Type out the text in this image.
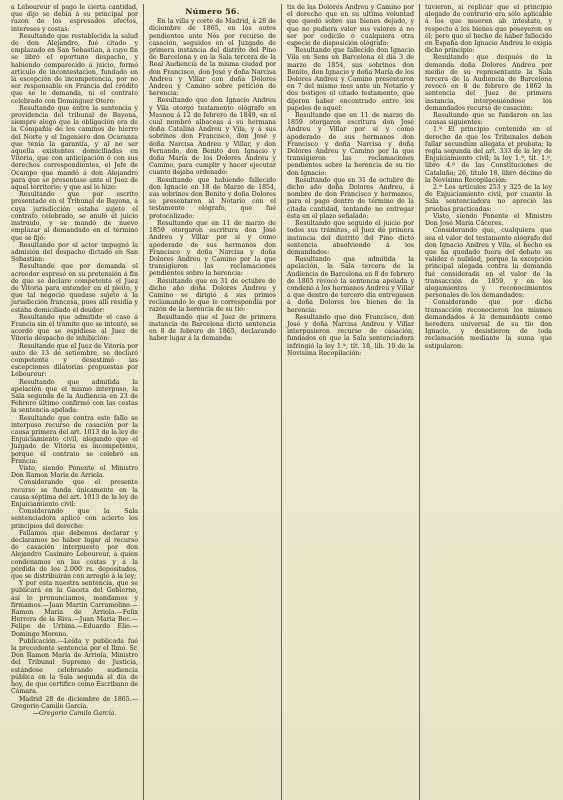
a Leboureur el pago le cierta cantidad, que dijo se debía á su principal por razon de los espresados efectos, intereses y costas:

Resultando que restablecida la salud de don Alejandro, fué citado y emplazado en San Sebastian, á cuyo fin se libró el oportuno despacho, y habiendo comparecido á juicio, formó artículo de incontestacion, fundado en la escepción de incompetencia, por no ser responsable en Francia del crédito que se le demanda, ni el contrato celebrado con Dominguez Otero:

Resultando que entre la sentencia y providencia del tribunal de Bayona, siempre alegó que la obligación era de la Compañía de los caminos de hierro del Norte y el Ingeniero don Ocaranza que tenía la garantía, y al no ser aquella existentes domiciliadas en Vitoria, que con anticipación ó con sus derechos correspondientes, el Jefe de Ocampo que mandó á don Alejandro para que se presentase ante el Juez de aquel territorio; y que así lo hizo:

Resultando que por escrito presentado en el Tribunal de Bayona, á cuya jurisdicción estaba sujeto el contrato celebrado, se anuló el juicio instruido, y se mandó de nuevo emplazar al demandado en el término que se fijó:

Resultando por el actor impugnó la admisión del despacho dictado en San Sebastian:

Resultando que por demanda el acreedor espresó en su pretensión á fin de que se declare competente el Juez de Vitoria para entender en el pleito, y que tal negocio quedase sujeto á la jurisdicción francesa, pues allí residía y estaba domiciliado el deudor:

Resultando que admitido el caso á Francia sin el trámite que se intentó, se acordó que se espidiese al Juez de Vitoria despacho de inhibición:

Resultando que el Juez de Vitoria por auto de 13 de setiembre, se declaró competente y desestimó las escepciones dilatorias propuestas por Leboureur:

Resultando que admitida la apelación que el mismo interpuso, la Sala segunda de la Audiencia en 23 de Febrero último confirmó con las costas la sentencia apelada:

Resultando que contra este fallo se interpuso recurso de casación por la causa primera del art. 1013 de la ley de Enjuiciamiento civil, alegando que el Juzgado de Vitoria es incompetente, porque el contrato se celebró en Francia:

Visto, siendo Ponente el Ministro Don Ramon Maria de Arriola.

Considerando que el presente recurso se funda únicamente en la causa séptima del art. 1013 de la ley de Enjuiciamiento civil:

Considerando que la Sala sentenciadora aplicó con acierto los principios del derecho:

Fallamos que debemos declarar y declaramos no haber lugar al recurso de casación interpuesto por don Alejandro Casimiro Leboureur, á quien condenamos en las costas y á la pérdida de los 2.000 rs. depositados, que se distribuirán con arreglo á la ley;

Y por esta nuestra sentencia, que se publicará en la Gaceta del Gobierno, así lo pronunciamos, mandamos y firmamos.—Juan Martin Carramolino.—Ramon Maria de Arriola.—Felix Herrera de la Riva.—Juan Maria Bec.—Felipe de Urbina.—Eduardo Elio.—Domingo Moreno.

Publicación.—Leída y publicada fué la precedente sentencia por el Ilmo. Sr. Don Ramon María de Arriola, Ministro del Tribunal Supremo de Justicia, estándose celebrando audiencia pública en la Sala segunda el día de hoy, de que certifico como Escribano de Cámara.

Madrid 28 de diciembre de 1865.—Gregorio Camilo García.

—Gregorio Camilo García.

Número 56.

En la villa y corte de Madrid, á 28 de diciembre de 1865, en los autos pendientes ante Nos por recurso de casación, seguidos en el Juzgado de primera instancia del distrito del Pino de Barcelona y en la Sala tercera de la Real Audiencia de la misma ciudad por don Francisco, don José y doña Narcisa Andreu y Villar con doña Dolores Andreu y Camino sobre petición de herencia:

Resultando que don Ignacio Andreu y Vila otorgó testamento ológrafo en Masnou á 12 de febrero de 1849, en el cual nombró albaceas á su hermana doña Catalina Andreu y Vila, y á sus sobrinos don Francisco, don José y doña Narcisa Andreu y Villar, y don Fernando, don Benito don Ignacio y doña María de los Dolores Andreu y Camino, para cumplir y hacer ejecutar cuanto dejaba ordenado:

Resultando que habiendo fallecido don Ignacio en 18 de Marzo de 1854, sus sobrinos don Benito y doña Dolores se presentaron al Notario con el testamento ológrafo, que fué protocolizado:

Resultando que en 11 de marzo de 1859 otorgaron escritura don José Andreu y Villar por sí y como apoderado de sus hermanos don Francisco y doña Narcisa y doña Dolores Andreu y Camino por la que transigieron las reclamaciones pendientes sobre la herencia:

Resultando que en 31 de octubre de dicho año doña Dolores Andreu y Camino se dirigió á sus primos reclamando lo que le correspondía por razón de la herencia de su tío:

Resultando que el Juez de primera instancia de Barcelona dictó sentencia en 8 de febrero de 1865, declarando haber lugar á la demanda:

tis de las Dolores Andreu y Camino por el derecho que en su ultima voluntad que quedó sobre sus bienes dejado, y que no pudiera valer sus valores á no ser por codicilo ó cualquiera otra especie de disposición ológrafa:

Resultando que fallecido don Ignacio Vila en Sens en Barcelona el día 3 de marzo de 1854, sus sobrinos don Benito, don Ignacio y doña María de los Dolores Andreu y Camino presentaron en 7 del mismo mes ante un Notario y dos testigos el citado testamento, que dijeron haber encontrado entre los papeles de aquel:

Resultando que en 11 de marzo de 1859 otorgaron escritura don José Andreu y Villar por sí y como apoderado de sus hermanos don Francisco y doña Narcisa y doña Dolores Andreu y Camino por la que transigieron las reclamaciones pendientes sobre la herencia de su tío don Ignacio:

Resultando que en 31 de octubre de dicho año doña Dolores Andreu, á nombre de don Francisco y hermanos, para el pago dentro de término de la citada cantidad, tentando no entregar ésta en el plazo señalado:

Resultando que seguido el juicio por todos sus trámites, el Juez de primera instancia del distrito del Pino dictó sentencia absolviendo á los demandados:

Resultando que admitida la apelación, la Sala tercera de la Audiencia de Barcelona en 8 de febrero de 1865 revocó la sentencia apelada y condenó á los hermanos Andreu y Villar á que dentro de tercero día entregasen á doña Dolores los bienes de la herencia:

Resultando que don Francisco, don José y doña Narcisa Andreu y Villar interpusieron recurso de casación, fundados en que la Sala sentenciadora infringió la ley 1.ª, tít. 18, lib. 10 de la Novísima Recopilación:

tuvieron, si replicar que el principio alegado de contrario era sólo aplicable á los que mueren ab intestato, y respecto á los bienes que poseyeron en él; pero que el hecho de haber fallecido en España don Ignacio Andreu le exigía dicho principio:

Resultando que después de la demanda doña Dolores Andreu por medio de su representante la Sala tercera de la Audiencia de Barcelona revocó en 8 de febrero de 1862 la sentencia del Juez de primera instancia, interponiéndose los demandados recurso de casación:

Resultando que se fundaron en las causas siguientes:

1.ª El principio contenido en el derecho de que los Tribunales deben fallar secundum allegata et probata; la regla segunda del art. 333 de la ley de Enjuiciamiento civil; la ley 1.ª, tít. 1.º, libro 4.º de las Constituciones de Cataluña; 26, título 18, libro décimo de la Novísima Recopilación:

2.ª Los artículos 253 y 325 de la ley de Enjuiciamiento civil, por cuanto la Sala sentenciadora no apreció las pruebas practicadas:

Visto, siendo Ponente el Ministro Don José María Cáceres.

Considerando que, cualquiera que sea el valor del testamento ológrafo del don Ignacio Andreu y Vila, el hecho es que ha quedado fuera del debate su validez ó nulidad, porque la excepción principal alegada contra la demanda fué considerada en el valor de la transacción de 1859, y en los alegamientos y reconocimientos personales de los demandados:

Considerando que por dicha transacción reconocieron los mismos demandados á la demandante como heredera universal de su tío don Ignacio, y desistieron de toda reclamación mediante la suma que estipularon:
